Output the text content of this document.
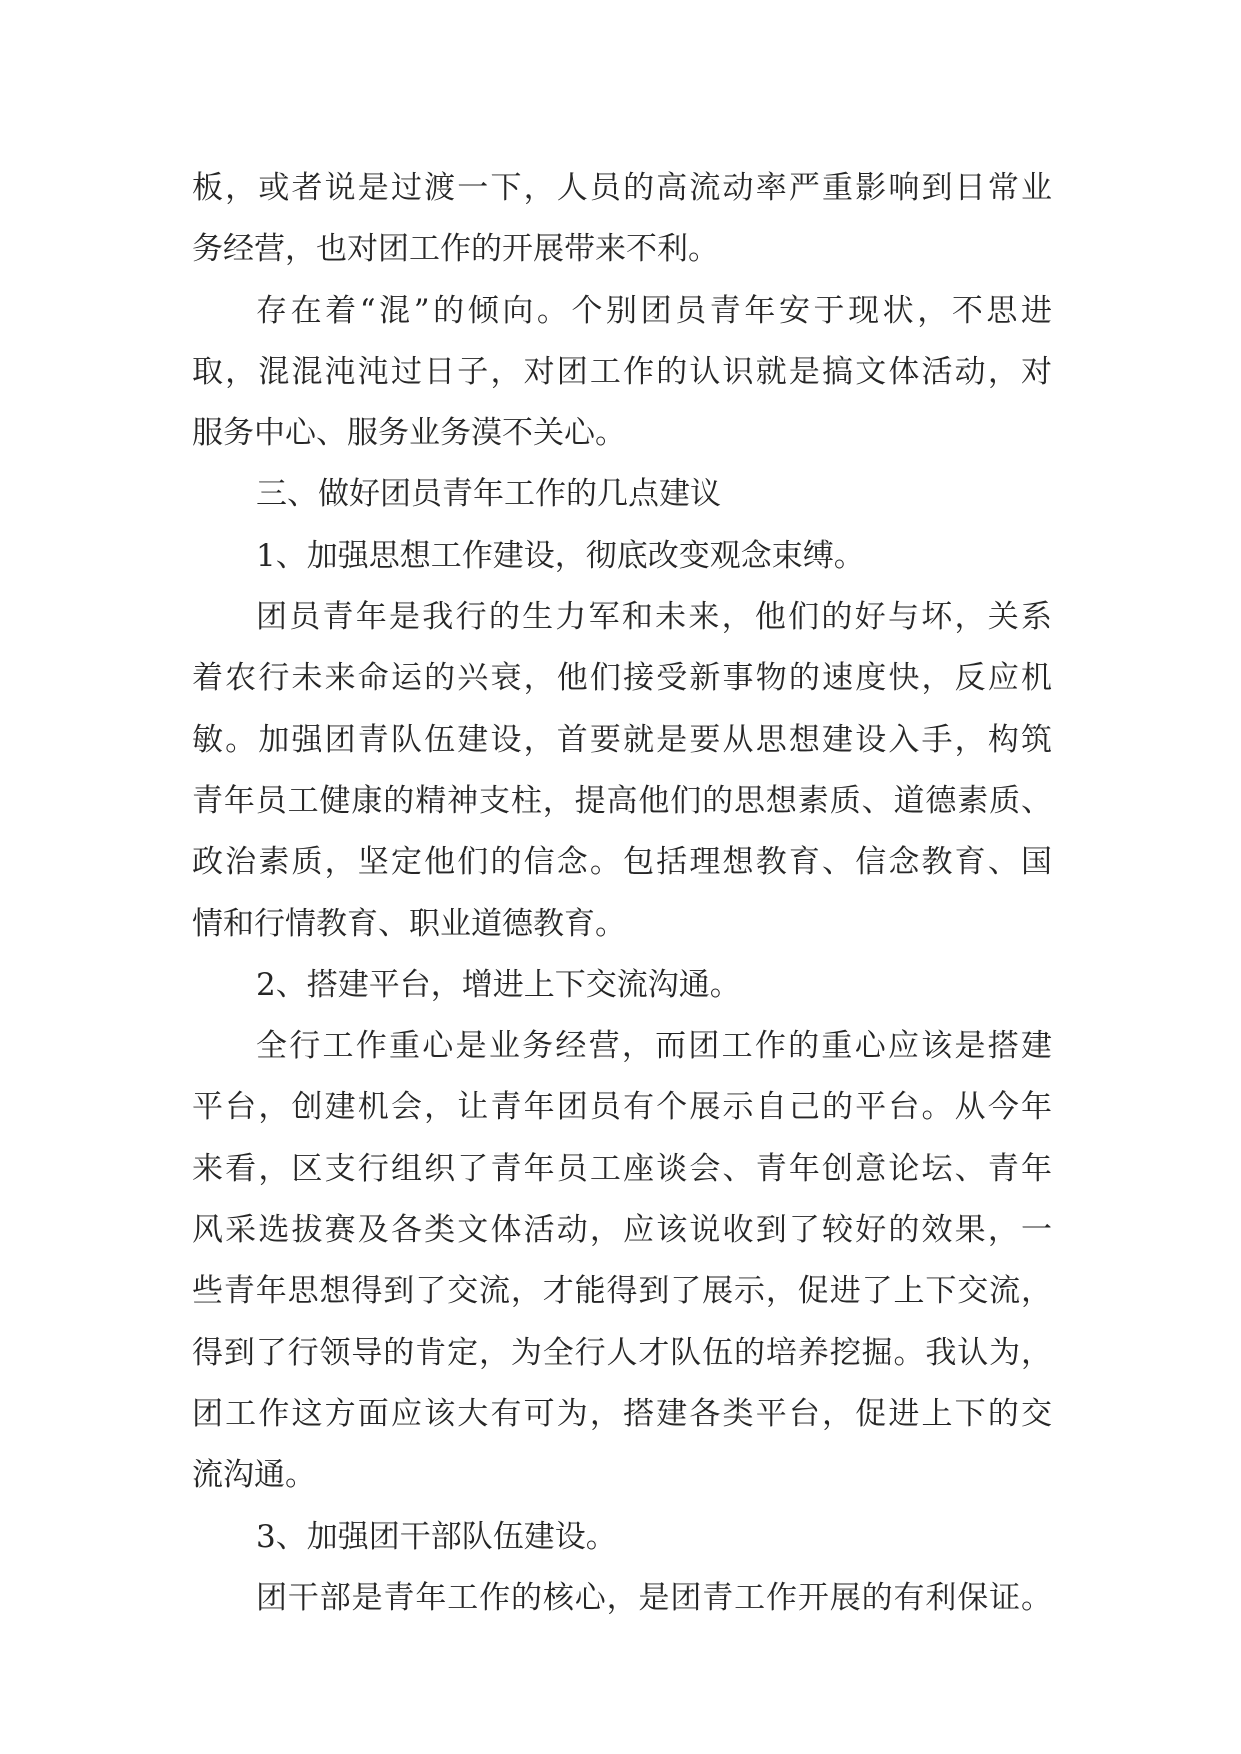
板，或者说是过渡一下，人员的高流动率严重影响到日常业
务经营，也对团工作的开展带来不利。
存在着“混”的倾向。个别团员青年安于现状，不思进
取，混混沌沌过日子，对团工作的认识就是搞文体活动，对
服务中心、服务业务漠不关心。
三、做好团员青年工作的几点建议
1、加强思想工作建设，彻底改变观念束缚。
团员青年是我行的生力军和未来，他们的好与坏，关系
着农行未来命运的兴衰，他们接受新事物的速度快，反应机
敏。加强团青队伍建设，首要就是要从思想建设入手，构筑
青年员工健康的精神支柱，提高他们的思想素质、道德素质、
政治素质，坚定他们的信念。包括理想教育、信念教育、国
情和行情教育、职业道德教育。
2、搭建平台，增进上下交流沟通。
全行工作重心是业务经营，而团工作的重心应该是搭建
平台，创建机会，让青年团员有个展示自己的平台。从今年
来看，区支行组织了青年员工座谈会、青年创意论坛、青年
风采选拔赛及各类文体活动，应该说收到了较好的效果，一
些青年思想得到了交流，才能得到了展示，促进了上下交流，
得到了行领导的肯定，为全行人才队伍的培养挖掘。我认为，
团工作这方面应该大有可为，搭建各类平台，促进上下的交
流沟通。
3、加强团干部队伍建设。
团干部是青年工作的核心，是团青工作开展的有利保证。
